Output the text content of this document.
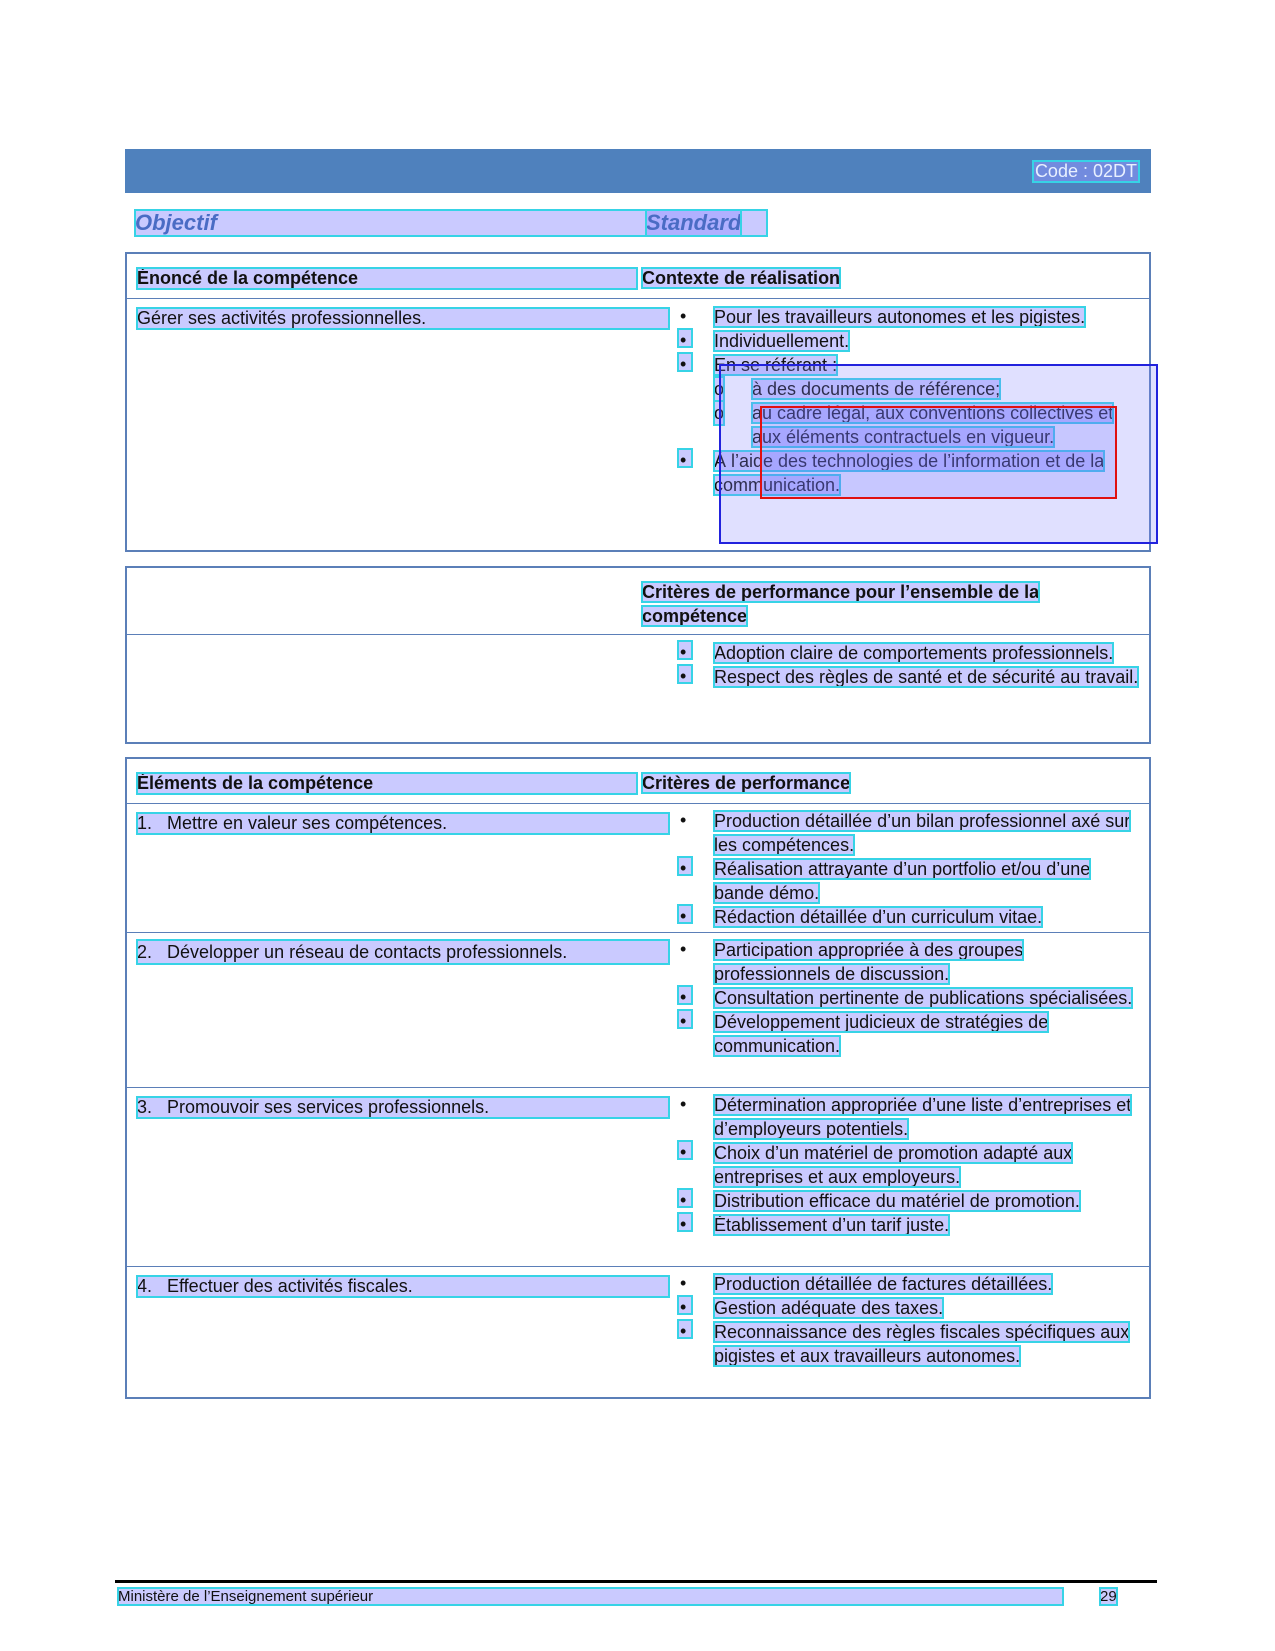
Code : 02DT
Objectif	Standard
Énoncé de la compétence	Contexte de réalisation
Gérer ses activités professionnelles. •	Pour les travailleurs autonomes et les pigistes.
•
Individuellement.
•
En se référant :
o à des documents de référence;
o au cadre légal, aux conventions collectives et aux éléments contractuels en vigueur.
•
À l’aide des technologies de l’information et de la communication.
Critères de performance pour l’ensemble de la compétence
•
Adoption claire de comportements professionnels.
•
Respect des règles de santé et de sécurité au travail.
Éléments de la compétence	Critères de performance
1. Mettre en valeur ses compétences. •	Production détaillée d’un bilan professionnel axé sur les compétences.
•
Réalisation attrayante d’un portfolio et/ou d’une bande démo.
•
Rédaction détaillée d’un curriculum vitae.
2. Développer un réseau de contacts professionnels. •	Participation appropriée à des groupes professionnels de discussion.
•
Consultation pertinente de publications spécialisées.
•
Développement judicieux de stratégies de communication.
3. Promouvoir ses services professionnels. •	Détermination appropriée d’une liste d’entreprises et d’employeurs potentiels.
•
Choix d’un matériel de promotion adapté aux entreprises et aux employeurs.
•
Distribution efficace du matériel de promotion.
•
Établissement d’un tarif juste.
4. Effectuer des activités fiscales. •	Production détaillée de factures détaillées.
•
Gestion adéquate des taxes.
•
Reconnaissance des règles fiscales spécifiques aux pigistes et aux travailleurs autonomes.
Ministère de l’Enseignement supérieur	29
